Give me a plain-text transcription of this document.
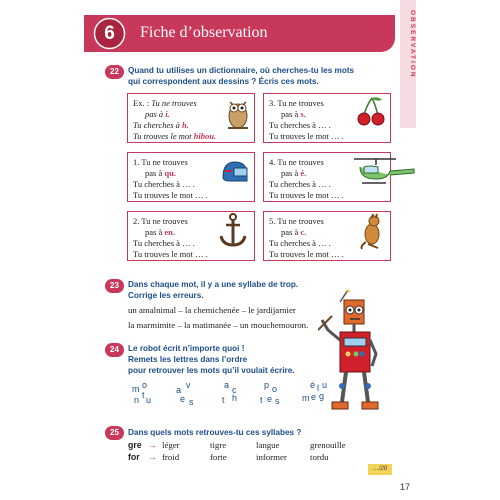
6	Fiche d’observation	OBSERVATION
22	Quand tu utilises un dictionnaire, où cherches-tu les mots
qui correspondent aux dessins ? Écris ces mots.
Ex. : Tu ne trouves
pas à i.
Tu cherches à h.
Tu trouves le mot hibou.
3. Tu ne trouves
pas à s.
Tu cherches à … .
Tu trouves le mot … .
1. Tu ne trouves
pas à qu.
Tu cherches à … .
Tu trouves le mot … .
4. Tu ne trouves
pas à é.
Tu cherches à … .
Tu trouves le mot … .
2. Tu ne trouves
pas à en.
Tu cherches à … .
Tu trouves le mot … .
5. Tu ne trouves
pas à c.
Tu cherches à … .
Tu trouves le mot … .
23	Dans chaque mot, il y a une syllabe de trop.
Corrige les erreurs.
un amalnimal – la chemichenée – le jardijarnier
la marmimite – la matimanée – un mouchemouron.
24	Le robot écrit n’importe quoi !
Remets les lettres dans l’ordre
pour retrouver les mots qu’il voulait écrire.
m o
n t u
a v
e s
a c
t h
p o
t e s
é l u
m e g
25	Dans quels mots retrouves-tu ces syllabes ?
gre → léger	tigre	langue	grenouille
for → froid	forte	informer	tordu
…/20
17
